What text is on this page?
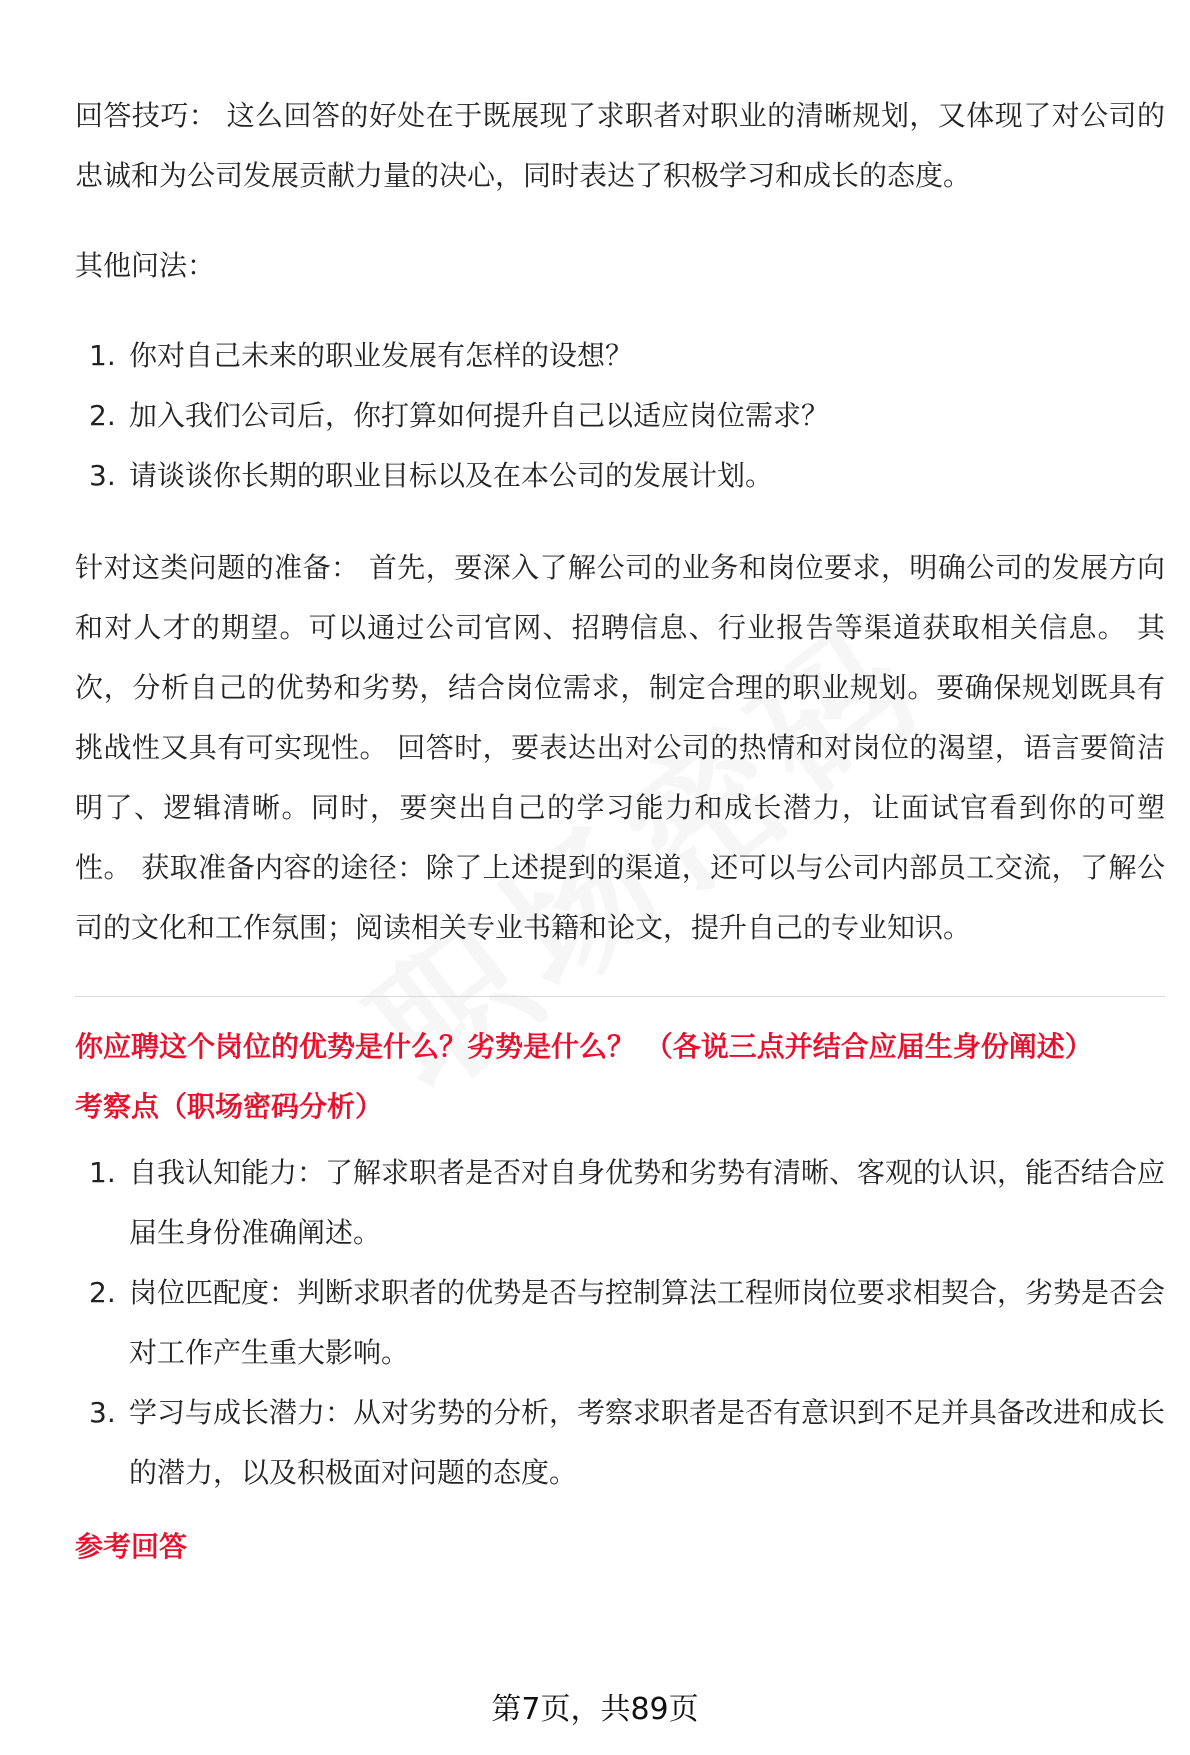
回答技巧： 这么回答的好处在于既展现了求职者对职业的清晰规划，又体现了对公司的忠诚和为公司发展贡献力量的决心，同时表达了积极学习和成长的态度。

其他问法：

1. 你对自己未来的职业发展有怎样的设想？
2. 加入我们公司后，你打算如何提升自己以适应岗位需求？
3. 请谈谈你长期的职业目标以及在本公司的发展计划。

针对这类问题的准备： 首先，要深入了解公司的业务和岗位要求，明确公司的发展方向和对人才的期望。可以通过公司官网、招聘信息、行业报告等渠道获取相关信息。 其次，分析自己的优势和劣势，结合岗位需求，制定合理的职业规划。要确保规划既具有挑战性又具有可实现性。 回答时，要表达出对公司的热情和对岗位的渴望，语言要简洁明了、逻辑清晰。同时，要突出自己的学习能力和成长潜力，让面试官看到你的可塑性。 获取准备内容的途径：除了上述提到的渠道，还可以与公司内部员工交流，了解公司的文化和工作氛围；阅读相关专业书籍和论文，提升自己的专业知识。

你应聘这个岗位的优势是什么？劣势是什么？ （各说三点并结合应届生身份阐述）

考察点（职场密码分析）

1. 自我认知能力：了解求职者是否对自身优势和劣势有清晰、客观的认识，能否结合应届生身份准确阐述。
2. 岗位匹配度：判断求职者的优势是否与控制算法工程师岗位要求相契合，劣势是否会对工作产生重大影响。
3. 学习与成长潜力：从对劣势的分析，考察求职者是否有意识到不足并具备改进和成长的潜力，以及积极面对问题的态度。

参考回答

第7页，共89页
